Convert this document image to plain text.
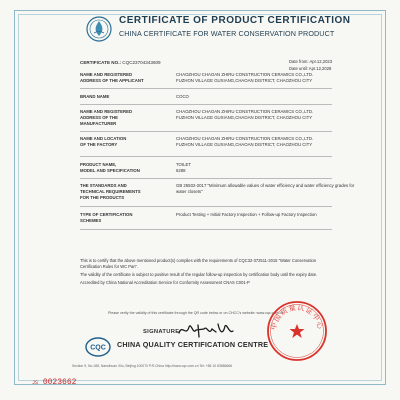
CERTIFICATE OF PRODUCT CERTIFICATION
CHINA CERTIFICATE FOR WATER CONSERVATION PRODUCT
CERTIFICATE NO.: CQC23704343609	Date from: Apr.12,2023
Date until: Apr.12,2028
NAME AND REGISTERED
ADDRESS OF THE APPLICANT
CHAOZHOU CHAOAN ZHIRU CONSTRUCTION CERAMICS CO.,LTD.
FUZHON VILLAGE GUXIANG,CHAOAN DISTRICT, CHAOZHOU CITY
BRAND NAME	COCO
NAME AND REGISTERED
ADDRESS OF THE
MANUFACTURER
CHAOZHOU CHAOAN ZHIRU CONSTRUCTION CERAMICS CO.,LTD.
FUZHON VILLAGE GUXIANG,CHAOAN DISTRICT, CHAOZHOU CITY
NAME AND LOCATION
OF THE FACTORY
CHAOZHOU CHAOAN ZHIRU CONSTRUCTION CERAMICS CO.,LTD.
FUZHON VILLAGE GUXIANG,CHAOAN DISTRICT, CHAOZHOU CITY
PRODUCT NAME,
MODEL AND SPECIFICATION
TOILET
6288
THE STANDARDS AND
TECHNICAL REQUIREMENTS
FOR THE PRODUCTS
GB 25502-2017 "Minimum allowable values of water efficiency and water efficiency grades for
water closets"
TYPE OF CERTIFICATION
SCHEMES
Product Testing + Initial Factory Inspection + Follow-up Factory Inspection

This is to certify that the above mentioned product(s) complies with the requirements of CQC32-372511-2015 "Water Conservation Certification Rules for WC Pan".

The validity of the certificate is subject to positive result of the regular follow-up inspection by certification body until the expiry date.

Accredited by China National Accreditation Service for Conformity Assessment CNAS C001-P

Please verify the validity of this certificate through the QR code below or on CHCC's website: www.cqc.com.cn
SIGNATURE
CQC CHINA QUALITY CERTIFICATION CENTRE
中国质量认证中心
Section 9, No.188, Nansihuan Xilu, Beijing 100070 P.R.China http://www.cqc.com.cn Tel: +86 10 83886666
JS 0023662
